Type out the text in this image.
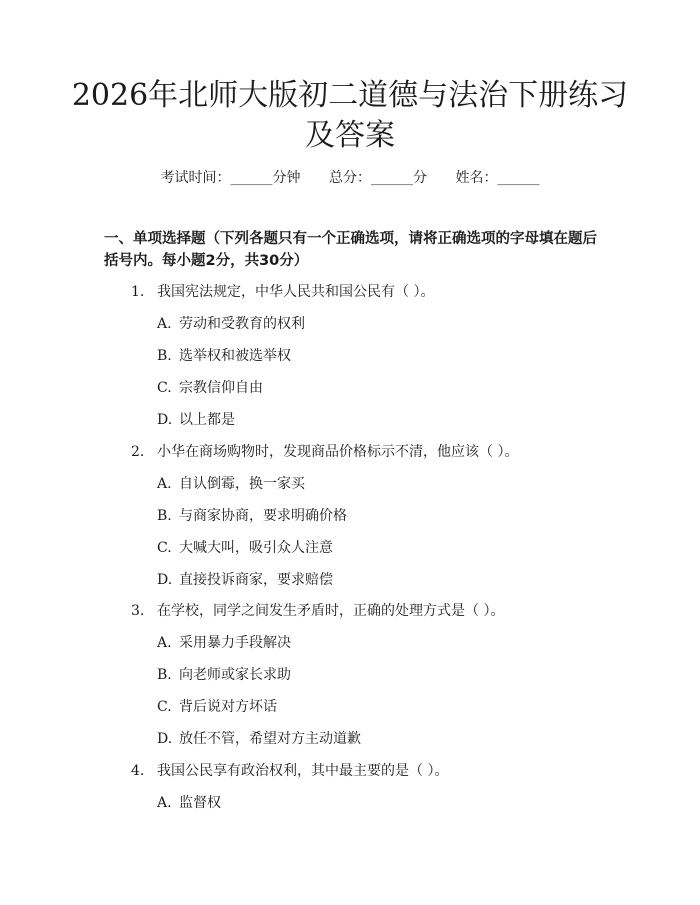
2026年北师大版初二道德与法治下册练习及答案
考试时间：______分钟 总分：______分 姓名：______

一、单项选择题（下列各题只有一个正确选项，请将正确选项的字母填在题后括号内。每小题2分，共30分）

1. 我国宪法规定，中华人民共和国公民有（ ）。
A. 劳动和受教育的权利
B. 选举权和被选举权
C. 宗教信仰自由
D. 以上都是
2. 小华在商场购物时，发现商品价格标示不清，他应该（ ）。
A. 自认倒霉，换一家买
B. 与商家协商，要求明确价格
C. 大喊大叫，吸引众人注意
D. 直接投诉商家，要求赔偿
3. 在学校，同学之间发生矛盾时，正确的处理方式是（ ）。
A. 采用暴力手段解决
B. 向老师或家长求助
C. 背后说对方坏话
D. 放任不管，希望对方主动道歉
4. 我国公民享有政治权利，其中最主要的是（ ）。
A. 监督权
